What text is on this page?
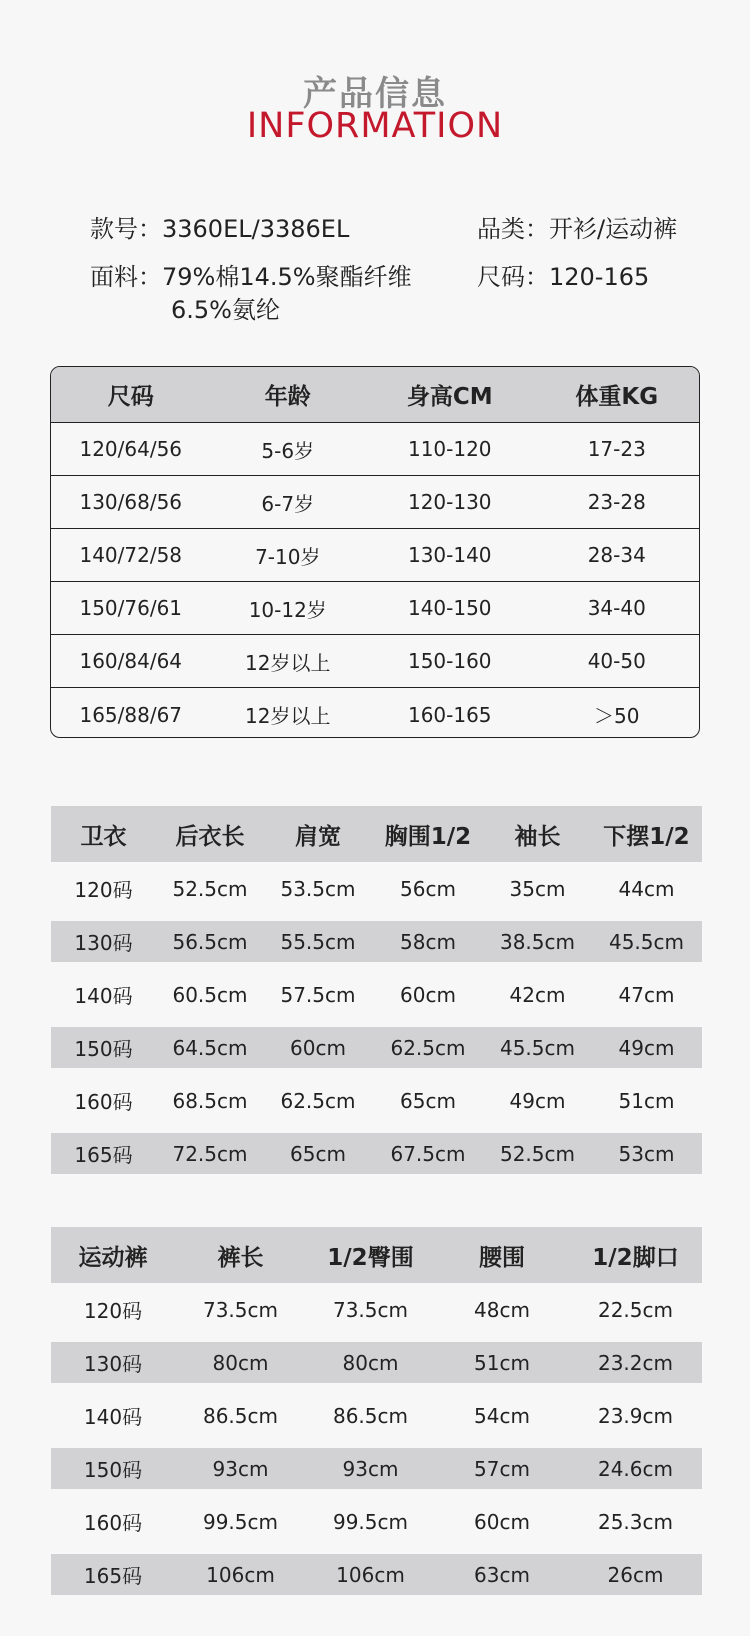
产品信息
INFORMATION
款号：3360EL/3386EL	品类：开衫/运动裤
面料：79%棉14.5%聚酯纤维
6.5%氨纶
尺码：120-165
尺码	年龄	身高CM	体重KG
120/64/56	5-6岁	110-120	17-23
130/68/56	6-7岁	120-130	23-28
140/72/58	7-10岁	130-140	28-34
150/76/61	10-12岁	140-150	34-40
160/84/64	12岁以上	150-160	40-50
165/88/67	12岁以上	160-165	＞50
卫衣	后衣长	肩宽	胸围1/2	袖长	下摆1/2
120码	52.5cm	53.5cm	56cm	35cm	44cm
130码	56.5cm	55.5cm	58cm	38.5cm	45.5cm
140码	60.5cm	57.5cm	60cm	42cm	47cm
150码	64.5cm	60cm	62.5cm	45.5cm	49cm
160码	68.5cm	62.5cm	65cm	49cm	51cm
165码	72.5cm	65cm	67.5cm	52.5cm	53cm
运动裤	裤长	1/2臀围	腰围	1/2脚口
120码	73.5cm	73.5cm	48cm	22.5cm
130码	80cm	80cm	51cm	23.2cm
140码	86.5cm	86.5cm	54cm	23.9cm
150码	93cm	93cm	57cm	24.6cm
160码	99.5cm	99.5cm	60cm	25.3cm
165码	106cm	106cm	63cm	26cm
